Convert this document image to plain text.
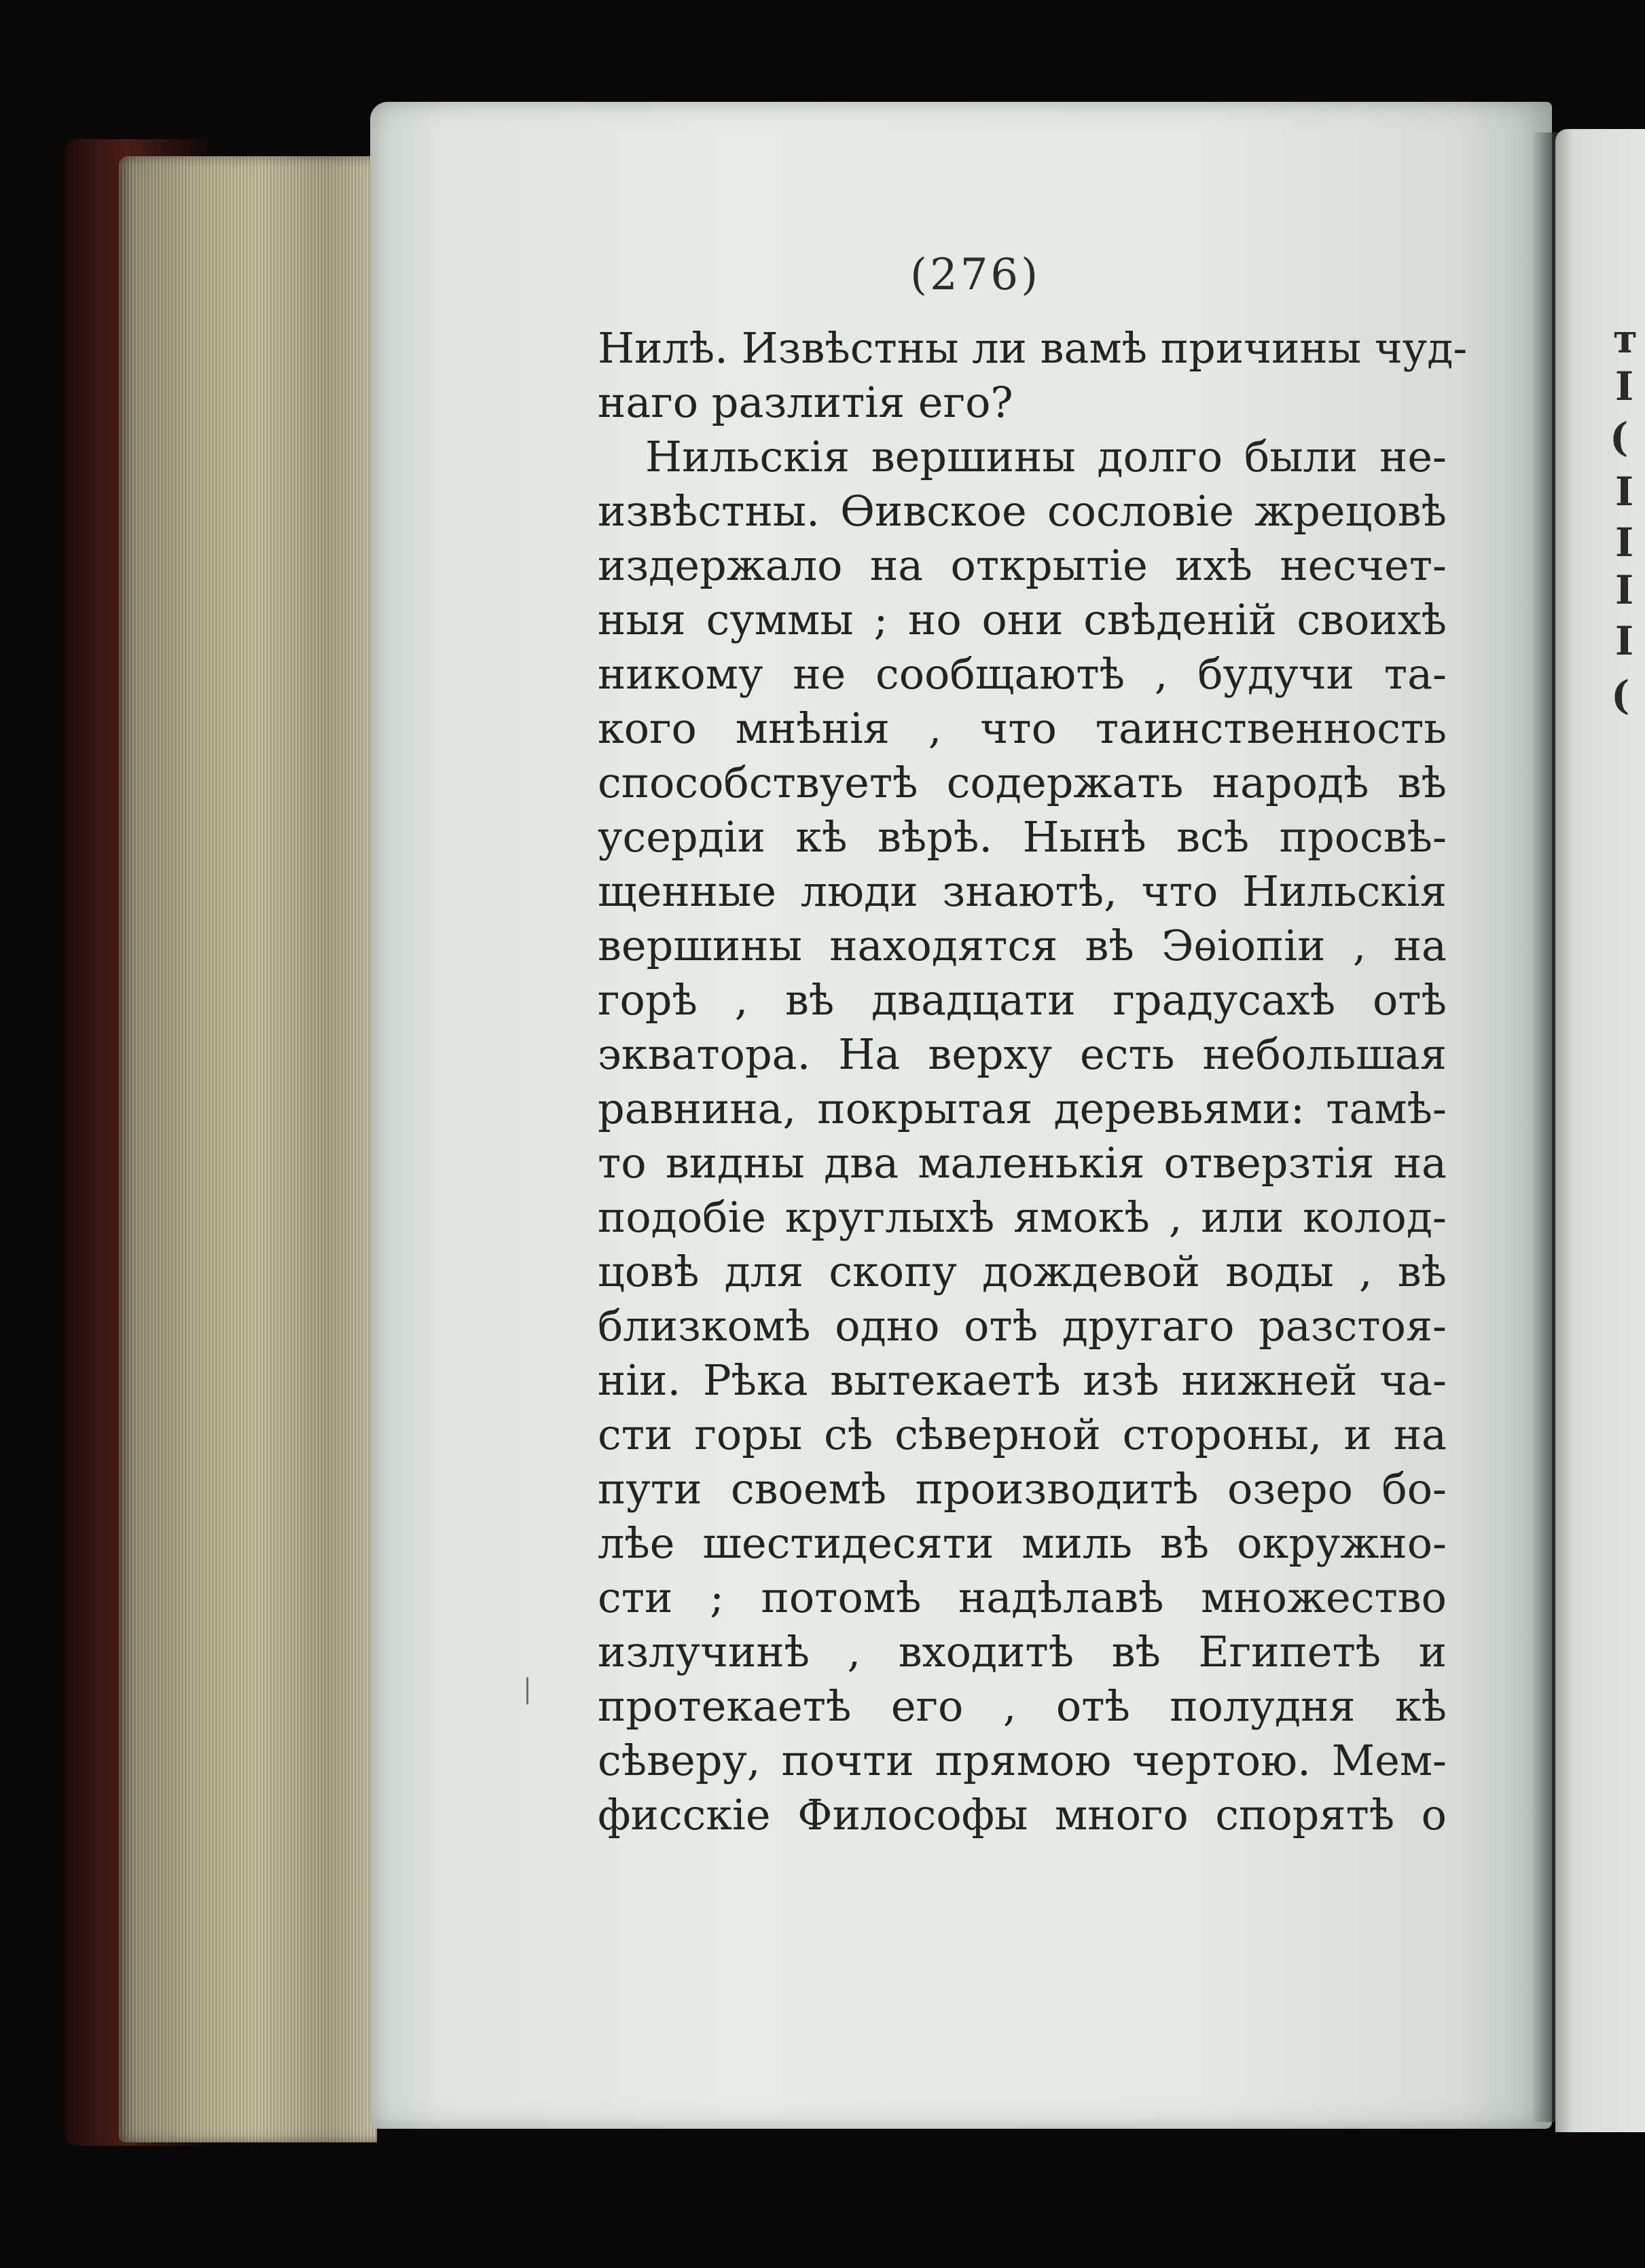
т
I
(
I
I
I
I
(
(276)

Нилѣ. Извѣстны ли вамѣ причины чуд-

наго разлитія его?

Нильскія вершины долго были не-

извѣстны. Ѳивское сословіе жрецовѣ

издержало на открытіе ихѣ несчет-

ныя суммы ; но они свѣденій своихѣ

никому не сообщаютѣ , будучи та-

кого мнѣнія , что таинственность

способствуетѣ содержать народѣ вѣ

усердіи кѣ вѣрѣ. Нынѣ всѣ просвѣ-

щенные люди знаютѣ, что Нильскія

вершины находятся вѣ Эѳіопіи , на

горѣ , вѣ двадцати градусахѣ отѣ

экватора. На верху есть небольшая

равнина, покрытая деревьями: тамѣ-

то видны два маленькія отверзтія на

подобіе круглыхѣ ямокѣ , или колод-

цовѣ для скопу дождевой воды , вѣ

близкомѣ одно отѣ другаго разстоя-

ніи. Рѣка вытекаетѣ изѣ нижней ча-

сти горы сѣ сѣверной стороны, и на

пути своемѣ производитѣ озеро бо-

лѣе шестидесяти миль вѣ окружно-

сти ; потомѣ надѣлавѣ множество

излучинѣ , входитѣ вѣ Египетѣ и

протекаетѣ его , отѣ полудня кѣ

сѣверу, почти прямою чертою. Мем-

фисскіе Философы много спорятѣ о
